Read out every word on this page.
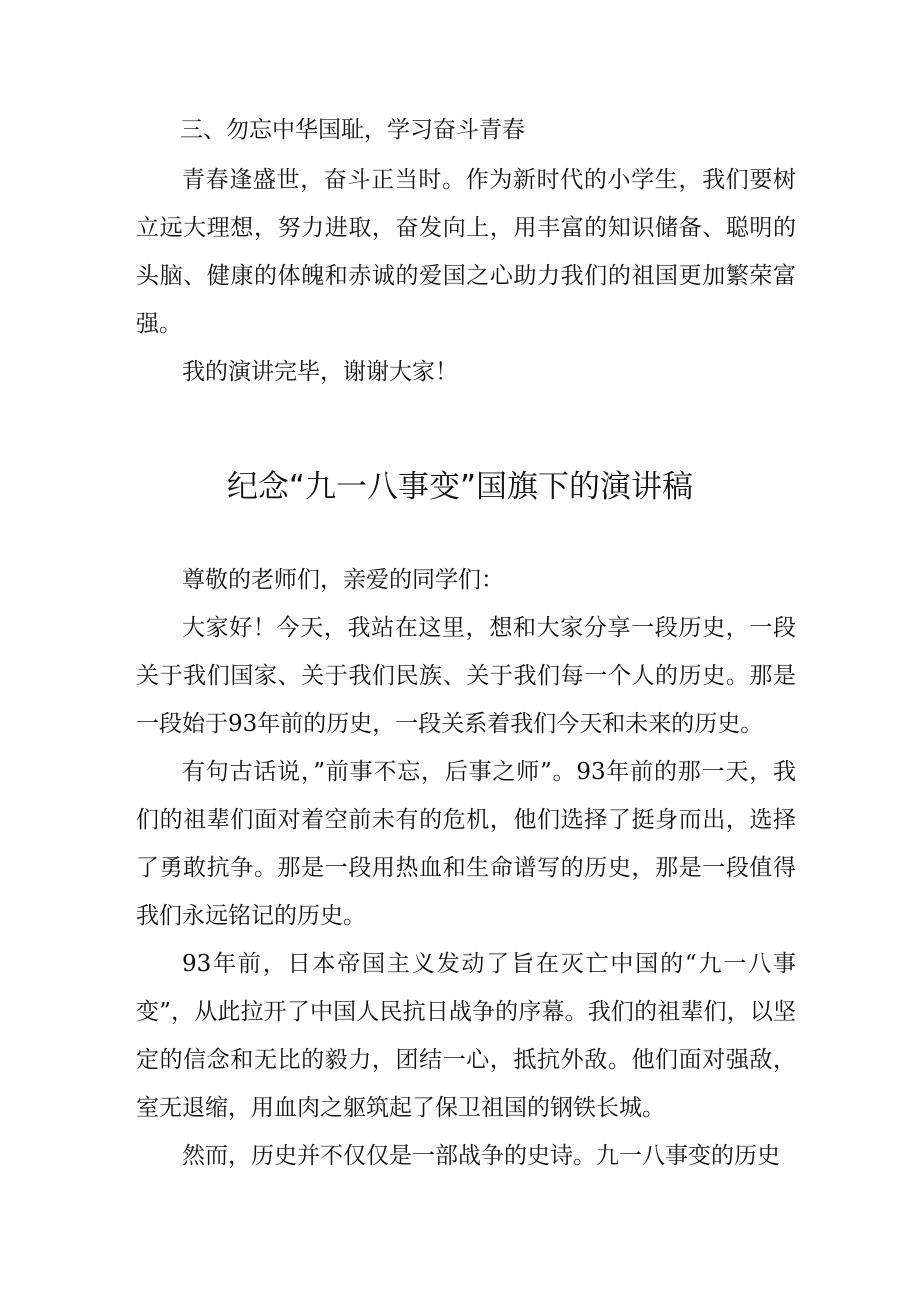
三、勿忘中华国耻，学习奋斗青春

青春逢盛世，奋斗正当时。作为新时代的小学生，我们要树立远大理想，努力进取，奋发向上，用丰富的知识储备、聪明的头脑、健康的体魄和赤诚的爱国之心助力我们的祖国更加繁荣富强。

我的演讲完毕，谢谢大家！

纪念“九一八事变”国旗下的演讲稿

尊敬的老师们，亲爱的同学们：

大家好！今天，我站在这里，想和大家分享一段历史，一段关于我们国家、关于我们民族、关于我们每一个人的历史。那是一段始于93年前的历史，一段关系着我们今天和未来的历史。

有句古话说，”前事不忘，后事之师”。93年前的那一天，我们的祖辈们面对着空前未有的危机，他们选择了挺身而出，选择了勇敢抗争。那是一段用热血和生命谱写的历史，那是一段值得我们永远铭记的历史。

93年前，日本帝国主义发动了旨在灭亡中国的“九一八事变”，从此拉开了中国人民抗日战争的序幕。我们的祖辈们，以坚定的信念和无比的毅力，团结一心，抵抗外敌。他们面对强敌，室无退缩，用血肉之躯筑起了保卫祖国的钢铁长城。

然而，历史并不仅仅是一部战争的史诗。九一八事变的历史
